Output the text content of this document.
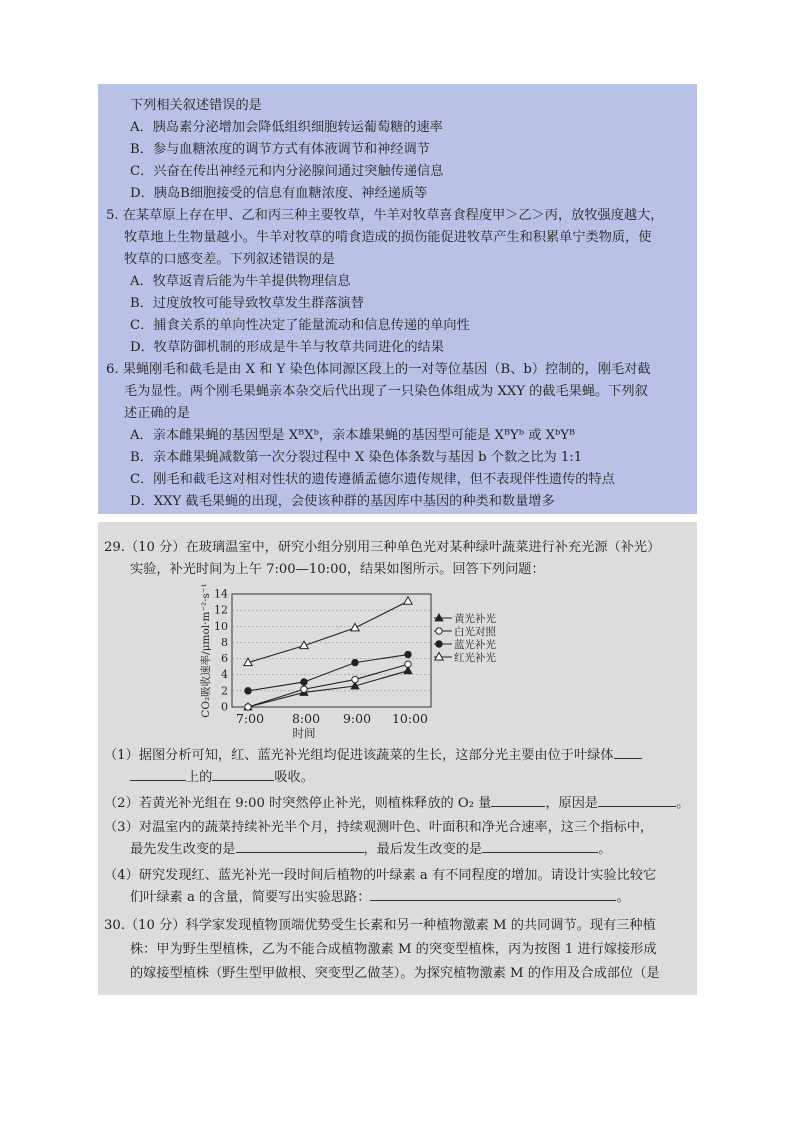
下列相关叙述错误的是
A．胰岛素分泌增加会降低组织细胞转运葡萄糖的速率
B．参与血糖浓度的调节方式有体液调节和神经调节
C．兴奋在传出神经元和内分泌腺间通过突触传递信息
D．胰岛B细胞接受的信息有血糖浓度、神经递质等
5. 在某草原上存在甲、乙和丙三种主要牧草，牛羊对牧草喜食程度甲＞乙＞丙，放牧强度越大，
牧草地上生物量越小。牛羊对牧草的啃食造成的损伤能促进牧草产生和积累单宁类物质，使
牧草的口感变差。下列叙述错误的是
A．牧草返青后能为牛羊提供物理信息
B．过度放牧可能导致牧草发生群落演替
C．捕食关系的单向性决定了能量流动和信息传递的单向性
D．牧草防御机制的形成是牛羊与牧草共同进化的结果
6. 果蝇刚毛和截毛是由 X 和 Y 染色体同源区段上的一对等位基因（B、b）控制的，刚毛对截
毛为显性。两个刚毛果蝇亲本杂交后代出现了一只染色体组成为 XXY 的截毛果蝇。下列叙
述正确的是
A．亲本雌果蝇的基因型是 XᴮXᵇ，亲本雄果蝇的基因型可能是 XᴮYᵇ 或 XᵇYᴮ
B．亲本雌果蝇减数第一次分裂过程中 X 染色体条数与基因 b 个数之比为 1:1
C．刚毛和截毛这对相对性状的遗传遵循孟德尔遗传规律，但不表现伴性遗传的特点
D．XXY 截毛果蝇的出现，会使该种群的基因库中基因的种类和数量增多
29.（10 分）在玻璃温室中，研究小组分别用三种单色光对某种绿叶蔬菜进行补充光源（补光）
实验，补光时间为上午 7:00—10:00，结果如图所示。回答下列问题：
0
2
4
6
8
10
12
14
7:00 8:00 9:00 10:00
时间
CO₂吸收速率/μmol·m⁻²·s⁻¹	黄光补光
白光对照
蓝光补光
红光补光
（1）据图分析可知，红、蓝光补光组均促进该蔬菜的生长，这部分光主要由位于叶绿体
上的	吸收。
（2）若黄光补光组在 9:00 时突然停止补光，则植株释放的 O₂ 量	，原因是	。
（3）对温室内的蔬菜持续补光半个月，持续观测叶色、叶面积和净光合速率，这三个指标中，
最先发生改变的是	，最后发生改变的是	。
（4）研究发现红、蓝光补光一段时间后植物的叶绿素 a 有不同程度的增加。请设计实验比较它
们叶绿素 a 的含量，简要写出实验思路：	。
30.（10 分）科学家发现植物顶端优势受生长素和另一种植物激素 M 的共同调节。现有三种植
株：甲为野生型植株，乙为不能合成植物激素 M 的突变型植株，丙为按图 1 进行嫁接形成
的嫁接型植株（野生型甲做根、突变型乙做茎）。为探究植物激素 M 的作用及合成部位（是
